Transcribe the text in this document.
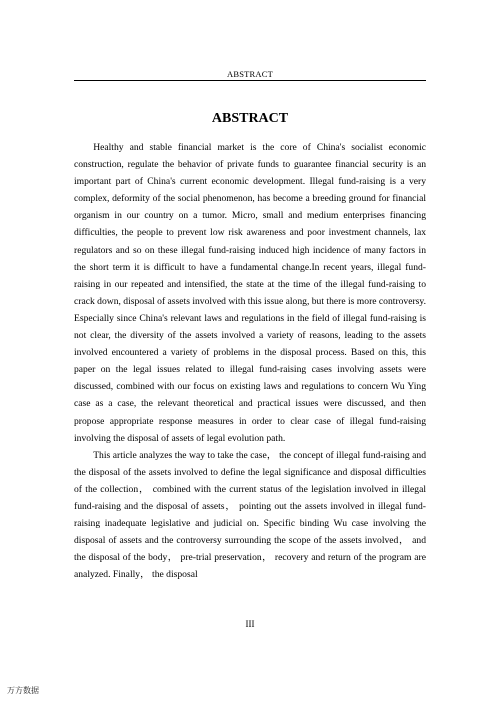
ABSTRACT
ABSTRACT

Healthy and stable financial market is the core of China's socialist economic construction, regulate the behavior of private funds to guarantee financial security is an important part of China's current economic development. Illegal fund-raising is a very complex, deformity of the social phenomenon, has become a breeding ground for financial organism in our country on a tumor. Micro, small and medium enterprises financing difficulties, the people to prevent low risk awareness and poor investment channels, lax regulators and so on these illegal fund-raising induced high incidence of many factors in the short term it is difficult to have a fundamental change.In recent years, illegal fund-raising in our repeated and intensified, the state at the time of the illegal fund-raising to crack down, disposal of assets involved with this issue along, but there is more controversy. Especially since China's relevant laws and regulations in the field of illegal fund-raising is not clear, the diversity of the assets involved a variety of reasons, leading to the assets involved encountered a variety of problems in the disposal process. Based on this, this paper on the legal issues related to illegal fund-raising cases involving assets were discussed, combined with our focus on existing laws and regulations to concern Wu Ying case as a case, the relevant theoretical and practical issues were discussed, and then propose appropriate response measures in order to clear case of illegal fund-raising involving the disposal of assets of legal evolution path.

This article analyzes the way to take the case， the concept of illegal fund-raising and the disposal of the assets involved to define the legal significance and disposal difficulties of the collection， combined with the current status of the legislation involved in illegal fund-raising and the disposal of assets， pointing out the assets involved in illegal fund-raising inadequate legislative and judicial on. Specific binding Wu case involving the disposal of assets and the controversy surrounding the scope of the assets involved， and the disposal of the body， pre-trial preservation， recovery and return of the program are analyzed. Finally， the disposal

III
万方数据
